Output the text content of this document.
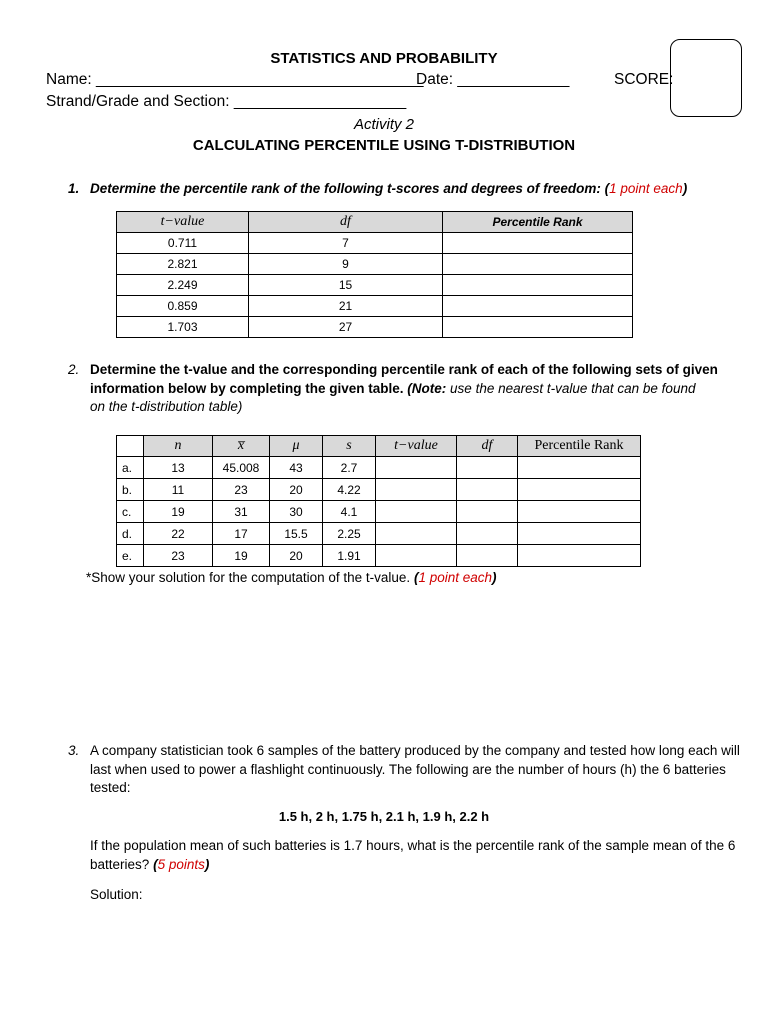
STATISTICS AND PROBABILITY
Name: ______________________________________
Date: _____________	SCORE:
Strand/Grade and Section: ____________________
Activity 2
CALCULATING PERCENTILE USING T-DISTRIBUTION
1. Determine the percentile rank of the following t-scores and degrees of freedom: (1 point each)
t−value	df	Percentile Rank
0.711	7	
2.821	9	
2.249	15	
0.859	21	
1.703	27	
2. Determine the t-value and the corresponding percentile rank of each of the following sets of given
information below by completing the given table. (Note: use the nearest t-value that can be found
on the t-distribution table)
	n	x̅	μ	s	t−value	df	Percentile Rank
a.	13	45.008	43	2.7			
b.	11	23	20	4.22			
c.	19	31	30	4.1			
d.	22	17	15.5	2.25			
e.	23	19	20	1.91			
*Show your solution for the computation of the t-value. (1 point each)
3. A company statistician took 6 samples of the battery produced by the company and tested how long each will
last when used to power a flashlight continuously. The following are the number of hours (h) the 6 batteries
tested:
1.5 h, 2 h, 1.75 h, 2.1 h, 1.9 h, 2.2 h
If the population mean of such batteries is 1.7 hours, what is the percentile rank of the sample mean of the 6
batteries? (5 points)
Solution:
